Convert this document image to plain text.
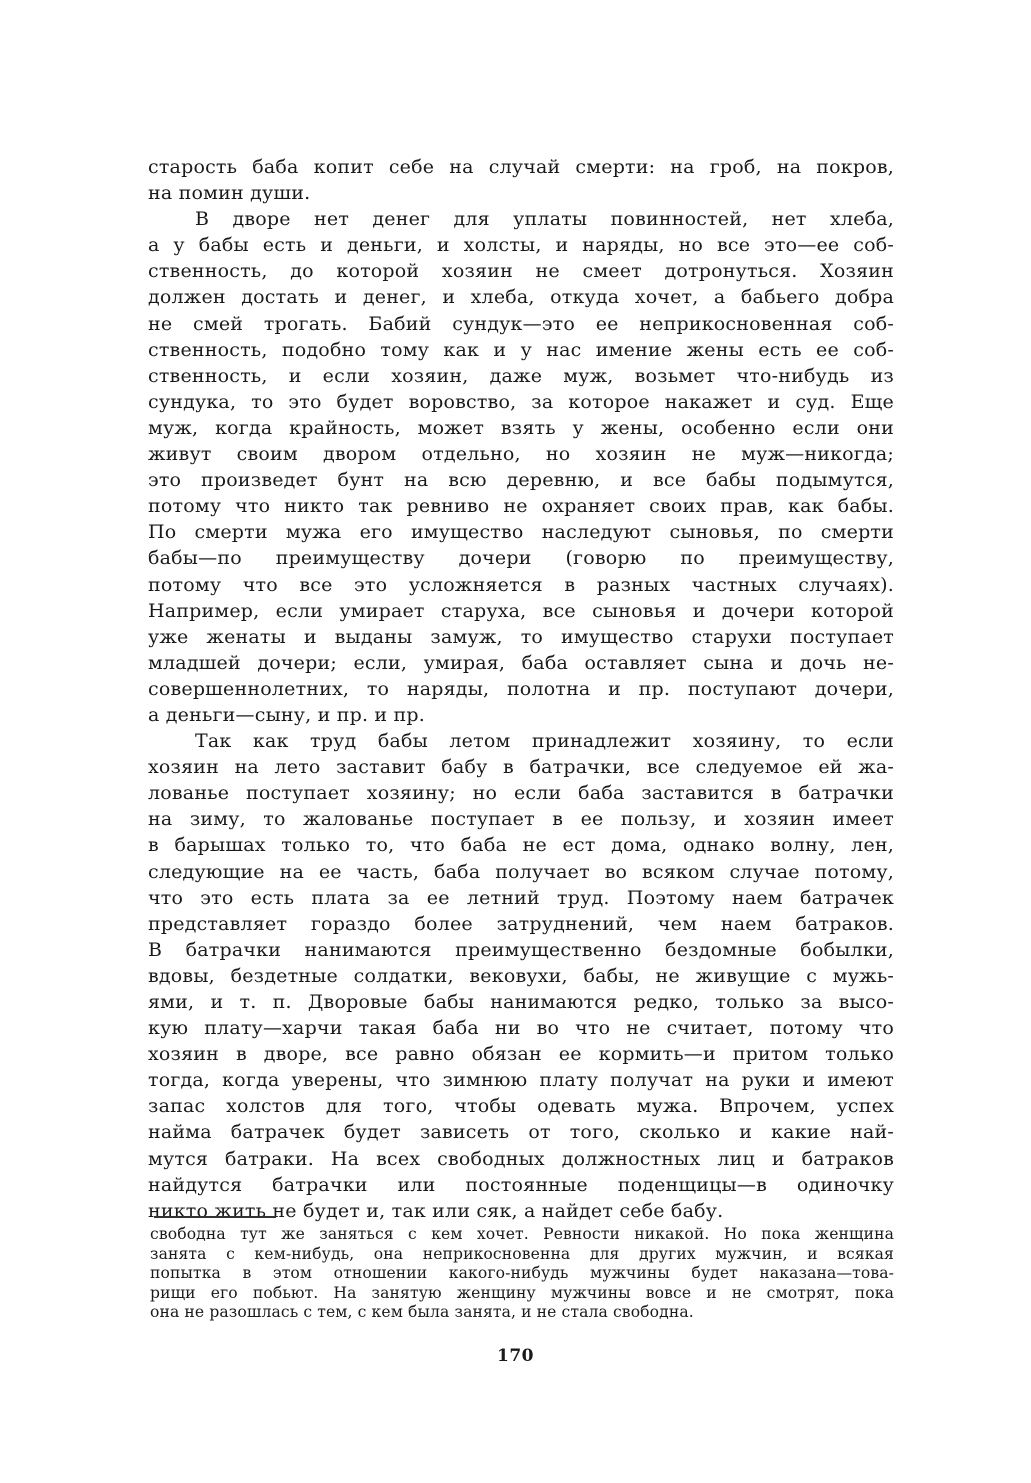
старость баба копит себе на случай смерти: на гроб, на покров,
на помин души.
В дворе нет денег для уплаты повинностей, нет хлеба,
а у бабы есть и деньги, и холсты, и наряды, но все это—ее соб-
ственность, до которой хозяин не смеет дотронуться. Хозяин
должен достать и денег, и хлеба, откуда хочет, а бабьего добра
не смей трогать. Бабий сундук—это ее неприкосновенная соб-
ственность, подобно тому как и у нас имение жены есть ее соб-
ственность, и если хозяин, даже муж, возьмет что-нибудь из
сундука, то это будет воровство, за которое накажет и суд. Еще
муж, когда крайность, может взять у жены, особенно если они
живут своим двором отдельно, но хозяин не муж—никогда;
это произведет бунт на всю деревню, и все бабы подымутся,
потому что никто так ревниво не охраняет своих прав, как бабы.
По смерти мужа его имущество наследуют сыновья, по смерти
бабы—по преимуществу дочери (говорю по преимуществу,
потому что все это усложняется в разных частных случаях).
Например, если умирает старуха, все сыновья и дочери которой
уже женаты и выданы замуж, то имущество старухи поступает
младшей дочери; если, умирая, баба оставляет сына и дочь не-
совершеннолетних, то наряды, полотна и пр. поступают дочери,
а деньги—сыну, и пр. и пр.
Так как труд бабы летом принадлежит хозяину, то если
хозяин на лето заставит бабу в батрачки, все следуемое ей жа-
лованье поступает хозяину; но если баба заставится в батрачки
на зиму, то жалованье поступает в ее пользу, и хозяин имеет
в барышах только то, что баба не ест дома, однако волну, лен,
следующие на ее часть, баба получает во всяком случае потому,
что это есть плата за ее летний труд. Поэтому наем батрачек
представляет гораздо более затруднений, чем наем батраков.
В батрачки нанимаются преимущественно бездомные бобылки,
вдовы, бездетные солдатки, вековухи, бабы, не живущие с мужь-
ями, и т. п. Дворовые бабы нанимаются редко, только за высо-
кую плату—харчи такая баба ни во что не считает, потому что
хозяин в дворе, все равно обязан ее кормить—и притом только
тогда, когда уверены, что зимнюю плату получат на руки и имеют
запас холстов для того, чтобы одевать мужа. Впрочем, успех
найма батрачек будет зависеть от того, сколько и какие най-
мутся батраки. На всех свободных должностных лиц и батраков
найдутся батрачки или постоянные поденщицы—в одиночку
никто жить не будет и, так или сяк, а найдет себе бабу.
свободна тут же заняться с кем хочет. Ревности никакой. Но пока женщина
занята с кем-нибудь, она неприкосновенна для других мужчин, и всякая
попытка в этом отношении какого-нибудь мужчины будет наказана—това-
рищи его побьют. На занятую женщину мужчины вовсе и не смотрят, пока
она не разошлась с тем, с кем была занята, и не стала свободна.
170
